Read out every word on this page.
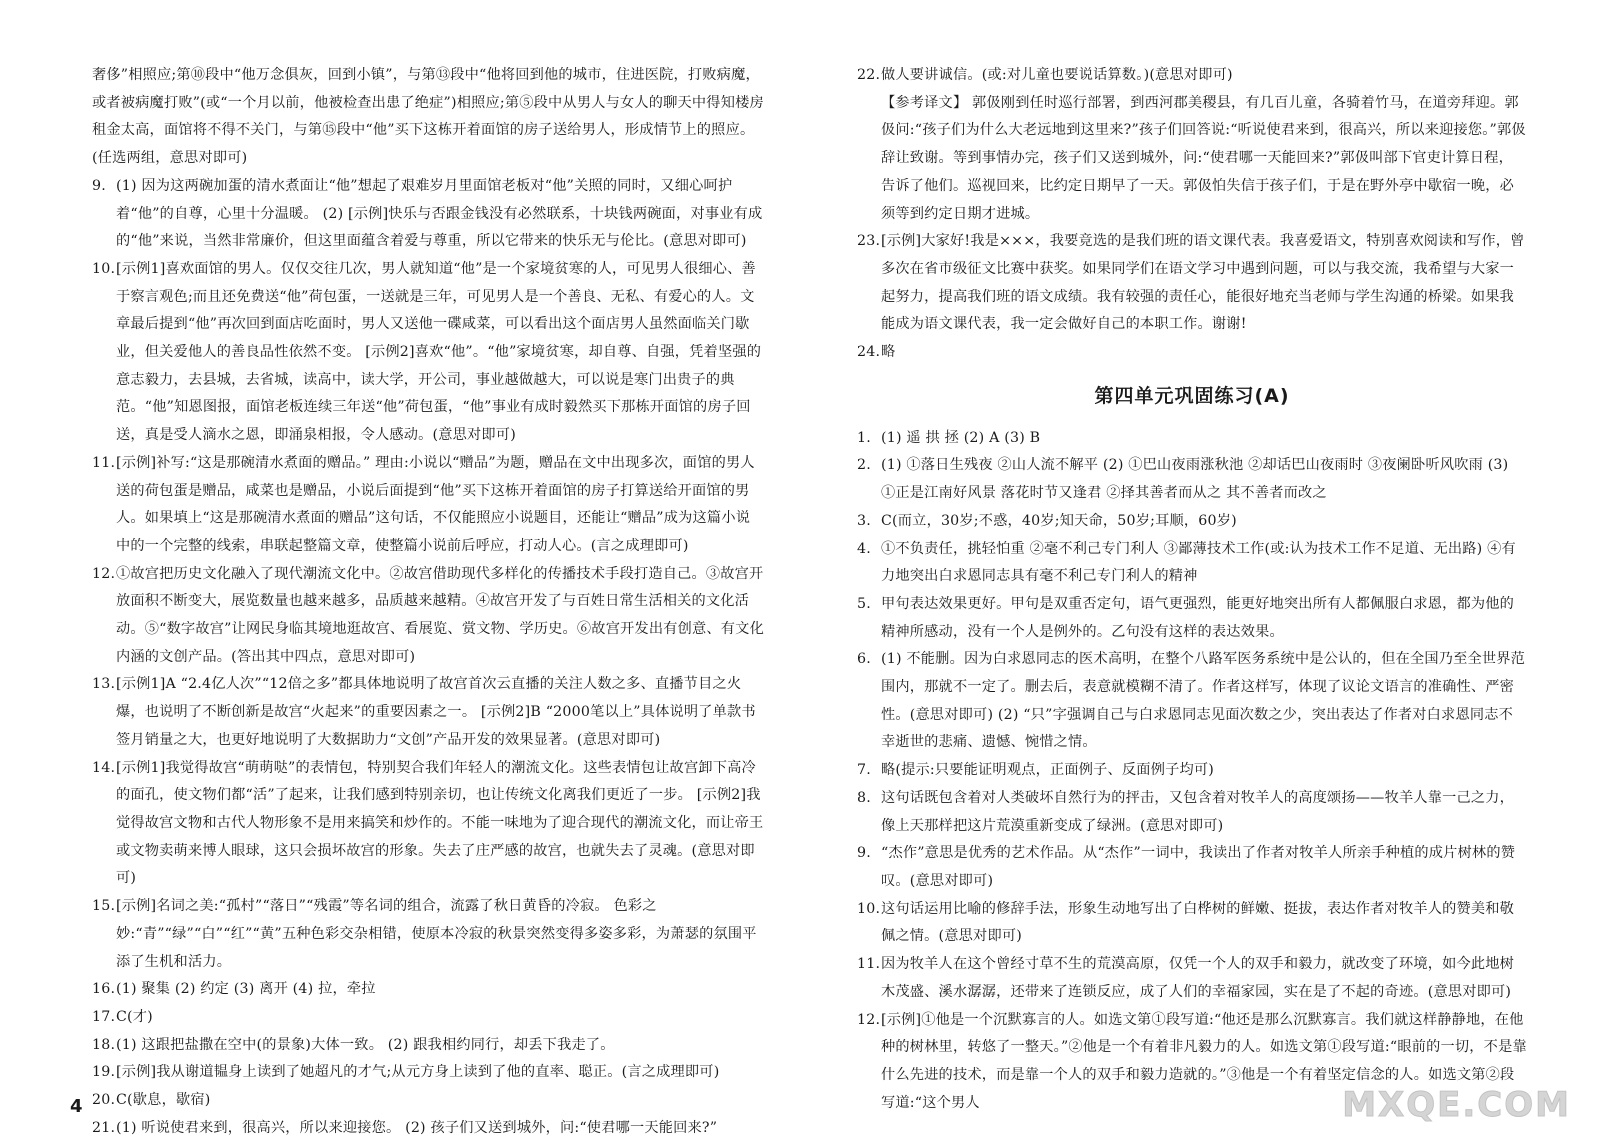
奢侈”相照应;第⑩段中“他万念俱灰，回到小镇”，与第⑬段中“他将回到他的城市，住进医院，打败病魔，或者被病魔打败”(或“一个月以前，他被检查出患了绝症”)相照应;第⑤段中从男人与女人的聊天中得知楼房租金太高，面馆将不得不关门，与第⑮段中“他”买下这栋开着面馆的房子送给男人，形成情节上的照应。(任选两组，意思对即可)

9. (1) 因为这两碗加蛋的清水煮面让“他”想起了艰难岁月里面馆老板对“他”关照的同时，又细心呵护着“他”的自尊，心里十分温暖。 (2) [示例]快乐与否跟金钱没有必然联系，十块钱两碗面，对事业有成的“他”来说，当然非常廉价，但这里面蕴含着爱与尊重，所以它带来的快乐无与伦比。(意思对即可)
10. [示例1]喜欢面馆的男人。仅仅交往几次，男人就知道“他”是一个家境贫寒的人，可见男人很细心、善于察言观色;而且还免费送“他”荷包蛋，一送就是三年，可见男人是一个善良、无私、有爱心的人。文章最后提到“他”再次回到面店吃面时，男人又送他一碟咸菜，可以看出这个面店男人虽然面临关门歇业，但关爱他人的善良品性依然不变。 [示例2]喜欢“他”。“他”家境贫寒，却自尊、自强，凭着坚强的意志毅力，去县城，去省城，读高中，读大学，开公司，事业越做越大，可以说是寒门出贵子的典范。“他”知恩图报，面馆老板连续三年送“他”荷包蛋，“他”事业有成时毅然买下那栋开面馆的房子回送，真是受人滴水之恩，即涌泉相报，令人感动。(意思对即可)
11. [示例]补写:“这是那碗清水煮面的赠品。” 理由:小说以“赠品”为题，赠品在文中出现多次，面馆的男人送的荷包蛋是赠品，咸菜也是赠品，小说后面提到“他”买下这栋开着面馆的房子打算送给开面馆的男人。如果填上“这是那碗清水煮面的赠品”这句话，不仅能照应小说题目，还能让“赠品”成为这篇小说中的一个完整的线索，串联起整篇文章，使整篇小说前后呼应，打动人心。(言之成理即可)
12. ①故宫把历史文化融入了现代潮流文化中。②故宫借助现代多样化的传播技术手段打造自己。③故宫开放面积不断变大，展览数量也越来越多，品质越来越精。④故宫开发了与百姓日常生活相关的文化活动。⑤“数字故宫”让网民身临其境地逛故宫、看展览、赏文物、学历史。⑥故宫开发出有创意、有文化内涵的文创产品。(答出其中四点，意思对即可)
13. [示例1]A “2.4亿人次”“12倍之多”都具体地说明了故宫首次云直播的关注人数之多、直播节目之火爆，也说明了不断创新是故宫“火起来”的重要因素之一。 [示例2]B “2000笔以上”具体说明了单款书签月销量之大，也更好地说明了大数据助力“文创”产品开发的效果显著。(意思对即可)
14. [示例1]我觉得故宫“萌萌哒”的表情包，特别契合我们年轻人的潮流文化。这些表情包让故宫卸下高冷的面孔，使文物们都“活”了起来，让我们感到特别亲切，也让传统文化离我们更近了一步。 [示例2]我觉得故宫文物和古代人物形象不是用来搞笑和炒作的。不能一味地为了迎合现代的潮流文化，而让帝王或文物卖萌来博人眼球，这只会损坏故宫的形象。失去了庄严感的故宫，也就失去了灵魂。(意思对即可)
15. [示例]名词之美:“孤村”“落日”“残霞”等名词的组合，流露了秋日黄昏的冷寂。 色彩之妙:“青”“绿”“白”“红”“黄”五种色彩交杂相错，使原本冷寂的秋景突然变得多姿多彩，为萧瑟的氛围平添了生机和活力。
16. (1) 聚集 (2) 约定 (3) 离开 (4) 拉，牵拉
17. C(才)
18. (1) 这跟把盐撒在空中(的景象)大体一致。 (2) 跟我相约同行，却丢下我走了。
19. [示例]我从谢道韫身上读到了她超凡的才气;从元方身上读到了他的直率、聪正。(言之成理即可)
20. C(歇息，歇宿)
21. (1) 听说使君来到，很高兴，所以来迎接您。 (2) 孩子们又送到城外，问:“使君哪一天能回来?”
22. 做人要讲诚信。(或:对儿童也要说话算数。)(意思对即可)

【参考译文】 郭伋刚到任时巡行部署，到西河郡美稷县，有几百儿童，各骑着竹马，在道旁拜迎。郭伋问:“孩子们为什么大老远地到这里来?”孩子们回答说:“听说使君来到，很高兴，所以来迎接您。”郭伋辞让致谢。等到事情办完，孩子们又送到城外，问:“使君哪一天能回来?”郭伋叫部下官吏计算日程，告诉了他们。巡视回来，比约定日期早了一天。郭伋怕失信于孩子们，于是在野外亭中歇宿一晚，必须等到约定日期才进城。

23. [示例]大家好!我是×××，我要竞选的是我们班的语文课代表。我喜爱语文，特别喜欢阅读和写作，曾多次在省市级征文比赛中获奖。如果同学们在语文学习中遇到问题，可以与我交流，我希望与大家一起努力，提高我们班的语文成绩。我有较强的责任心，能很好地充当老师与学生沟通的桥梁。如果我能成为语文课代表，我一定会做好自己的本职工作。谢谢!
24. 略
第四单元巩固练习(A)
1. (1) 遥 拱 拯 (2) A (3) B
2. (1) ①落日生残夜 ②山人流不解平 (2) ①巴山夜雨涨秋池 ②却话巴山夜雨时 ③夜阑卧听风吹雨 (3) ①正是江南好风景 落花时节又逢君 ②择其善者而从之 其不善者而改之
3. C(而立，30岁;不惑，40岁;知天命，50岁;耳顺，60岁)
4. ①不负责任，挑轻怕重 ②毫不利己专门利人 ③鄙薄技术工作(或:认为技术工作不足道、无出路) ④有力地突出白求恩同志具有毫不利己专门利人的精神
5. 甲句表达效果更好。甲句是双重否定句，语气更强烈，能更好地突出所有人都佩服白求恩，都为他的精神所感动，没有一个人是例外的。乙句没有这样的表达效果。
6. (1) 不能删。因为白求恩同志的医术高明，在整个八路军医务系统中是公认的，但在全国乃至全世界范围内，那就不一定了。删去后，表意就模糊不清了。作者这样写，体现了议论文语言的准确性、严密性。(意思对即可) (2) “只”字强调自己与白求恩同志见面次数之少，突出表达了作者对白求恩同志不幸逝世的悲痛、遗憾、惋惜之情。
7. 略(提示:只要能证明观点，正面例子、反面例子均可)
8. 这句话既包含着对人类破坏自然行为的抨击，又包含着对牧羊人的高度颂扬——牧羊人靠一己之力，像上天那样把这片荒漠重新变成了绿洲。(意思对即可)
9. “杰作”意思是优秀的艺术作品。从“杰作”一词中，我读出了作者对牧羊人所亲手种植的成片树林的赞叹。(意思对即可)
10. 这句话运用比喻的修辞手法，形象生动地写出了白桦树的鲜嫩、挺拔，表达作者对牧羊人的赞美和敬佩之情。(意思对即可)
11. 因为牧羊人在这个曾经寸草不生的荒漠高原，仅凭一个人的双手和毅力，就改变了环境，如今此地树木茂盛、溪水潺潺，还带来了连锁反应，成了人们的幸福家园，实在是了不起的奇迹。(意思对即可)
12. [示例]①他是一个沉默寡言的人。如选文第①段写道:“他还是那么沉默寡言。我们就这样静静地，在他种的树林里，转悠了一整天。”②他是一个有着非凡毅力的人。如选文第①段写道:“眼前的一切，不是靠什么先进的技术，而是靠一个人的双手和毅力造就的。”③他是一个有着坚定信念的人。如选文第②段写道:“这个男人
4	MXQE.COM
